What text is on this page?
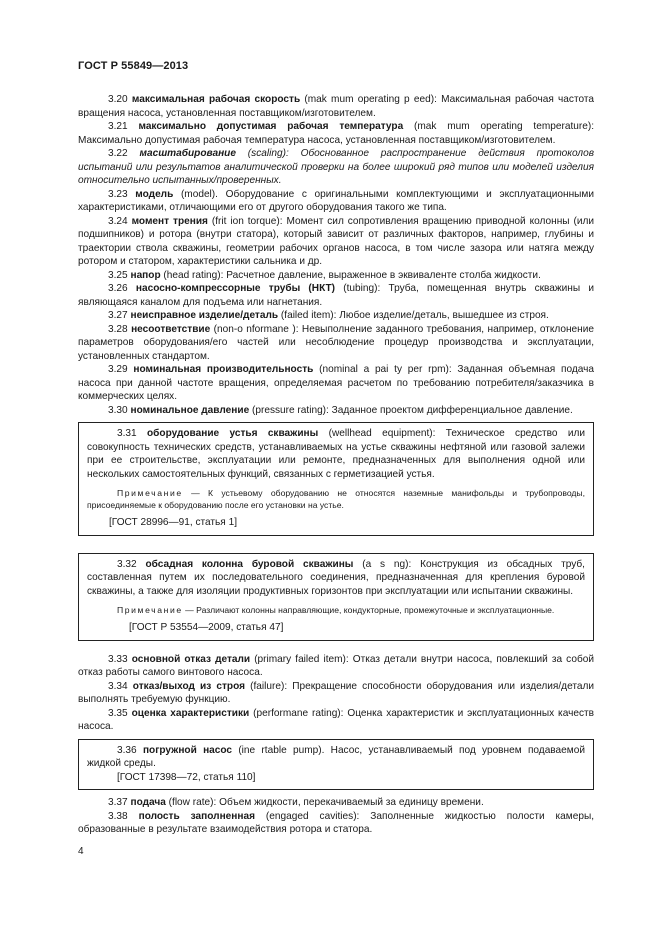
ГОСТ Р 55849—2013

3.20 максимальная рабочая скорость (mak mum operating p eed): Максимальная рабочая частота вращения насоса, установленная поставщиком/изготовителем.

3.21 максимально допустимая рабочая температура (mak mum operating temperature): Максимально допустимая рабочая температура насоса, установленная поставщиком/изготовителем.

3.22 масштабирование (scaling): Обоснованное распространение действия протоколов испытаний или результатов аналитической проверки на более широкий ряд типов или моделей изделия относительно испытанных/проверенных.

3.23 модель (model). Оборудование с оригинальными комплектующими и эксплуатационными характеристиками, отличающими его от другого оборудования такого же типа.

3.24 момент трения (frit ion torque): Момент сил сопротивления вращению приводной колонны (или подшипников) и ротора (внутри статора), который зависит от различных факторов, например, глубины и траектории ствола скважины, геометрии рабочих органов насоса, в том числе зазора или натяга между ротором и статором, характеристики сальника и др.

3.25 напор (head rating): Расчетное давление, выраженное в эквиваленте столба жидкости.

3.26 насосно-компрессорные трубы (НКТ) (tubing): Труба, помещенная внутрь скважины и являющаяся каналом для подъема или нагнетания.

3.27 неисправное изделие/деталь (failed item): Любое изделие/деталь, вышедшее из строя.

3.28 несоответствие (non-o nformane ): Невыполнение заданного требования, например, отклонение параметров оборудования/его частей или несоблюдение процедур производства и эксплуатации, установленных стандартом.

3.29 номинальная производительность (nominal a pai ty per rpm): Заданная объемная подача насоса при данной частоте вращения, определяемая расчетом по требованию потребителя/заказчика в коммерческих целях.

3.30 номинальное давление (pressure rating): Заданное проектом дифференциальное давление.

3.31 оборудование устья скважины (wellhead equipment): Техническое средство или совокупность технических средств, устанавливаемых на устье скважины нефтяной или газовой залежи при ее строительстве, эксплуатации или ремонте, предназначенных для выполнения одной или нескольких самостоятельных функций, связанных с герметизацией устья.

Примечание — К устьевому оборудованию не относятся наземные манифольды и трубопроводы, присоединяемые к оборудованию после его установки на устье.

[ГОСТ 28996—91, статья 1]

3.32 обсадная колонна буровой скважины (a s ng): Конструкция из обсадных труб, составленная путем их последовательного соединения, предназначенная для крепления буровой скважины, а также для изоляции продуктивных горизонтов при эксплуатации или испытании скважины.

Примечание — Различают колонны направляющие, кондукторные, промежуточные и эксплуатационные.

[ГОСТ Р 53554—2009, статья 47]

3.33 основной отказ детали (primary failed item): Отказ детали внутри насоса, повлекший за собой отказ работы самого винтового насоса.

3.34 отказ/выход из строя (failure): Прекращение способности оборудования или изделия/детали выполнять требуемую функцию.

3.35 оценка характеристики (performane rating): Оценка характеристик и эксплуатационных качеств насоса.

3.36 погружной насос (ine rtable pump). Насос, устанавливаемый под уровнем подаваемой жидкой среды.

[ГОСТ 17398—72, статья 110]

3.37 подача (flow rate): Объем жидкости, перекачиваемый за единицу времени.

3.38 полость заполненная (engaged cavities): Заполненные жидкостью полости камеры, образованные в результате взаимодействия ротора и статора.

4
